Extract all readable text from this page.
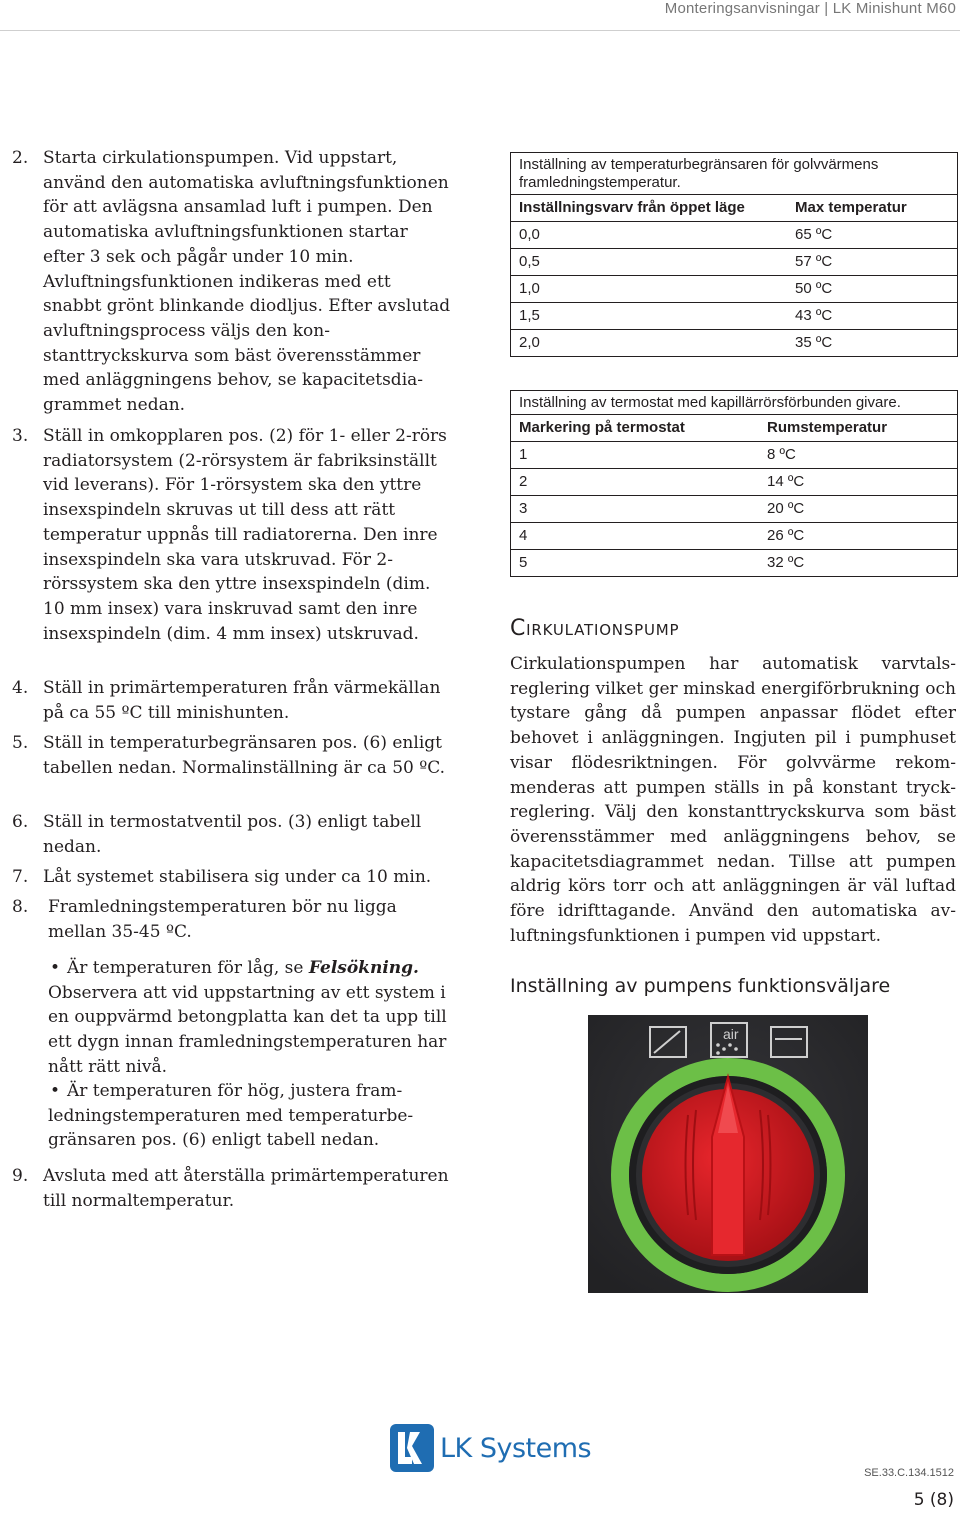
Monteringsanvisningar | LK Minishunt M60
2. Starta cirkulationspumpen. Vid uppstart, använd den automatiska avluftningsfunktionen för att avlägsna ansamlad luft i pumpen. Den automatiska avluftningsfunktionen startar efter 3 sek och pågår under 10 min. Avluftningsfunktionen indikeras med ett snabbt grönt blinkande diodljus. Efter avslutad avluftningsprocess väljs den konstanttryckskurva som bäst överensstämmer med anläggningens behov, se kapacitetsdiagrammet nedan.
3. Ställ in omkopplaren pos. (2) för 1- eller 2-rörs radiatorsystem (2-rörsystem är fabriksinställt vid leverans). För 1-rörsystem ska den yttre insexspindeln skruvas ut till dess att rätt temperatur uppnås till radiatorerna. Den inre insexspindeln ska vara utskruvad. För 2-rörssystem ska den yttre insexspindeln (dim. 10 mm insex) vara inskruvad samt den inre insexspindeln (dim. 4 mm insex) utskruvad.
4. Ställ in primärtemperaturen från värmekällan på ca 55 ºC till minishunten.
5. Ställ in temperaturbegränsaren pos. (6) enligt tabellen nedan. Normalinställning är ca 50 ºC.
6. Ställ in termostatventil pos. (3) enligt tabell nedan.
7. Låt systemet stabilisera sig under ca 10 min.
8. Framledningstemperaturen bör nu ligga mellan 35-45 ºC.
• Är temperaturen för låg, se Felsökning. Observera att vid uppstartning av ett system i en ouppvärmd betongplatta kan det ta upp till ett dygn innan framledningstemperaturen har nått rätt nivå.
• Är temperaturen för hög, justera framledningstemperaturen med temperaturbegränsaren pos. (6) enligt tabell nedan.
9. Avsluta med att återställa primärtemperaturen till normaltemperatur.
Inställning av temperaturbegränsaren för golvvärmens framledningstemperatur.
Inställningsvarv från öppet läge	Max temperatur
0,0	65 ºC
0,5	57 ºC
1,0	50 ºC
1,5	43 ºC
2,0	35 ºC
Inställning av termostat med kapillärrörsförbunden givare.
Markering på termostat	Rumstemperatur
1	8 ºC
2	14 ºC
3	20 ºC
4	26 ºC
5	32 ºC
Cirkulationspump
Cirkulationspumpen har automatisk varvtalsreglering vilket ger minskad energiförbrukning och tystare gång då pumpen anpassar flödet efter behovet i anläggningen. Ingjuten pil i pumphuset visar flödesriktningen. För golvvärme rekommenderas att pumpen ställs in på konstant tryckreglering. Välj den konstanttryckskurva som bäst överensstämmer med anläggningens behov, se kapacitetsdiagrammet nedan. Tillse att pumpen aldrig körs torr och att anläggningen är väl luftad före idrifttagande. Använd den automatiska avluftningsfunktionen i pumpen vid uppstart.
Inställning av pumpens funktionsväljare
air
LK Systems
SE.33.C.134.1512
5 (8)
